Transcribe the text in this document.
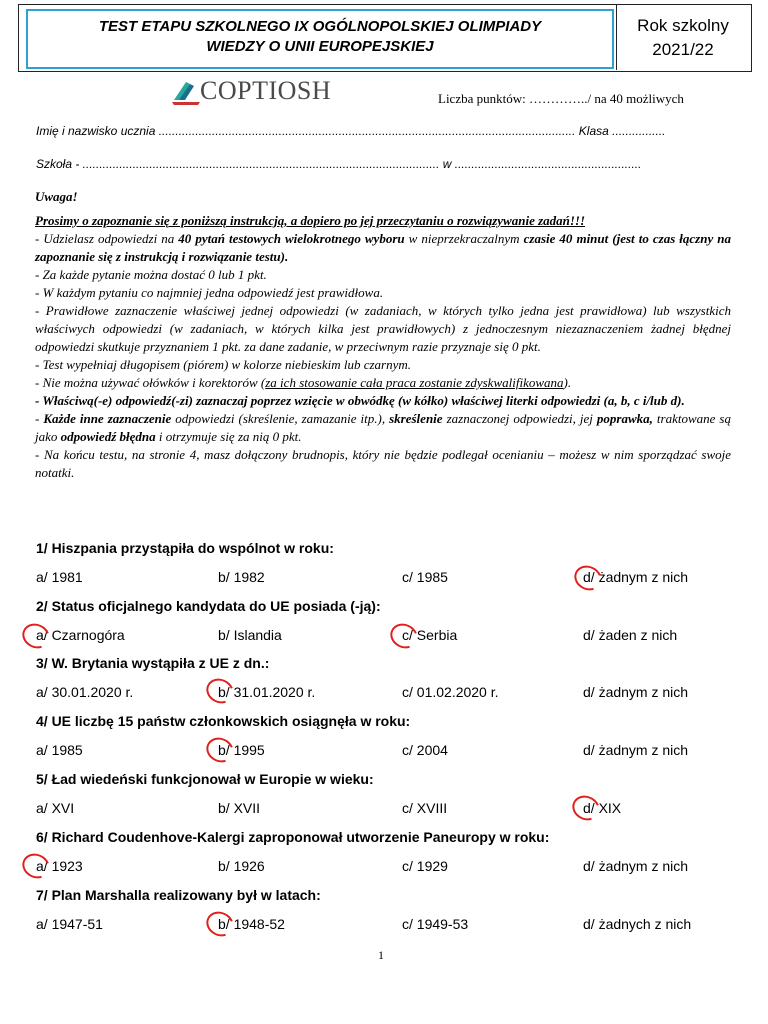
TEST ETAPU SZKOLNEGO IX OGÓLNOPOLSKIEJ OLIMPIADY
WIEDZY O UNII EUROPEJSKIEJ
Rok szkolny
2021/22
COPTIOSH	Liczba punktów: …………../ na 40 możliwych
Imię i nazwisko ucznia ............................................................................................................................. Klasa ................
Szkoła - ........................................................................................................... w ........................................................

Uwaga!

Prosimy o zapoznanie się z poniższą instrukcją, a dopiero po jej przeczytaniu o rozwiązywanie zadań!!!

- Udzielasz odpowiedzi na 40 pytań testowych wielokrotnego wyboru w nieprzekraczalnym czasie 40 minut (jest to czas łączny na zapoznanie się z instrukcją i rozwiązanie testu).

- Za każde pytanie można dostać 0 lub 1 pkt.

- W każdym pytaniu co najmniej jedna odpowiedź jest prawidłowa.

- Prawidłowe zaznaczenie właściwej jednej odpowiedzi (w zadaniach, w których tylko jedna jest prawidłowa) lub wszystkich właściwych odpowiedzi (w zadaniach, w których kilka jest prawidłowych) z jednoczesnym niezaznaczeniem żadnej błędnej odpowiedzi skutkuje przyznaniem 1 pkt. za dane zadanie, w przeciwnym razie przyznaje się 0 pkt.

- Test wypełniaj długopisem (piórem) w kolorze niebieskim lub czarnym.

- Nie można używać ołówków i korektorów (za ich stosowanie cała praca zostanie zdyskwalifikowana).

- Właściwą(-e) odpowiedź(-zi) zaznaczaj poprzez wzięcie w obwódkę (w kółko) właściwej literki odpowiedzi (a, b, c i/lub d).

- Każde inne zaznaczenie odpowiedzi (skreślenie, zamazanie itp.), skreślenie zaznaczonej odpowiedzi, jej poprawka, traktowane są jako odpowiedź błędna i otrzymuje się za nią 0 pkt.

- Na końcu testu, na stronie 4, masz dołączony brudnopis, który nie będzie podlegał ocenianiu – możesz w nim sporządzać swoje notatki.

1/ Hiszpania przystąpiła do wspólnot w roku:
a/ 1981	b/ 1982	c/ 1985	d/ żadnym z nich
2/ Status oficjalnego kandydata do UE posiada (-ją):
a/ Czarnogóra	b/ Islandia	c/ Serbia	d/ żaden z nich
3/ W. Brytania wystąpiła z UE z dn.:
a/ 30.01.2020 r.	b/ 31.01.2020 r.	c/ 01.02.2020 r.	d/ żadnym z nich
4/ UE liczbę 15 państw członkowskich osiągnęła w roku:
a/ 1985	b/ 1995	c/ 2004	d/ żadnym z nich
5/ Ład wiedeński funkcjonował w Europie w wieku:
a/ XVI	b/ XVII	c/ XVIII	d/ XIX
6/ Richard Coudenhove-Kalergi zaproponował utworzenie Paneuropy w roku:
a/ 1923	b/ 1926	c/ 1929	d/ żadnym z nich
7/ Plan Marshalla realizowany był w latach:
a/ 1947-51	b/ 1948-52	c/ 1949-53	d/ żadnych z nich
1
